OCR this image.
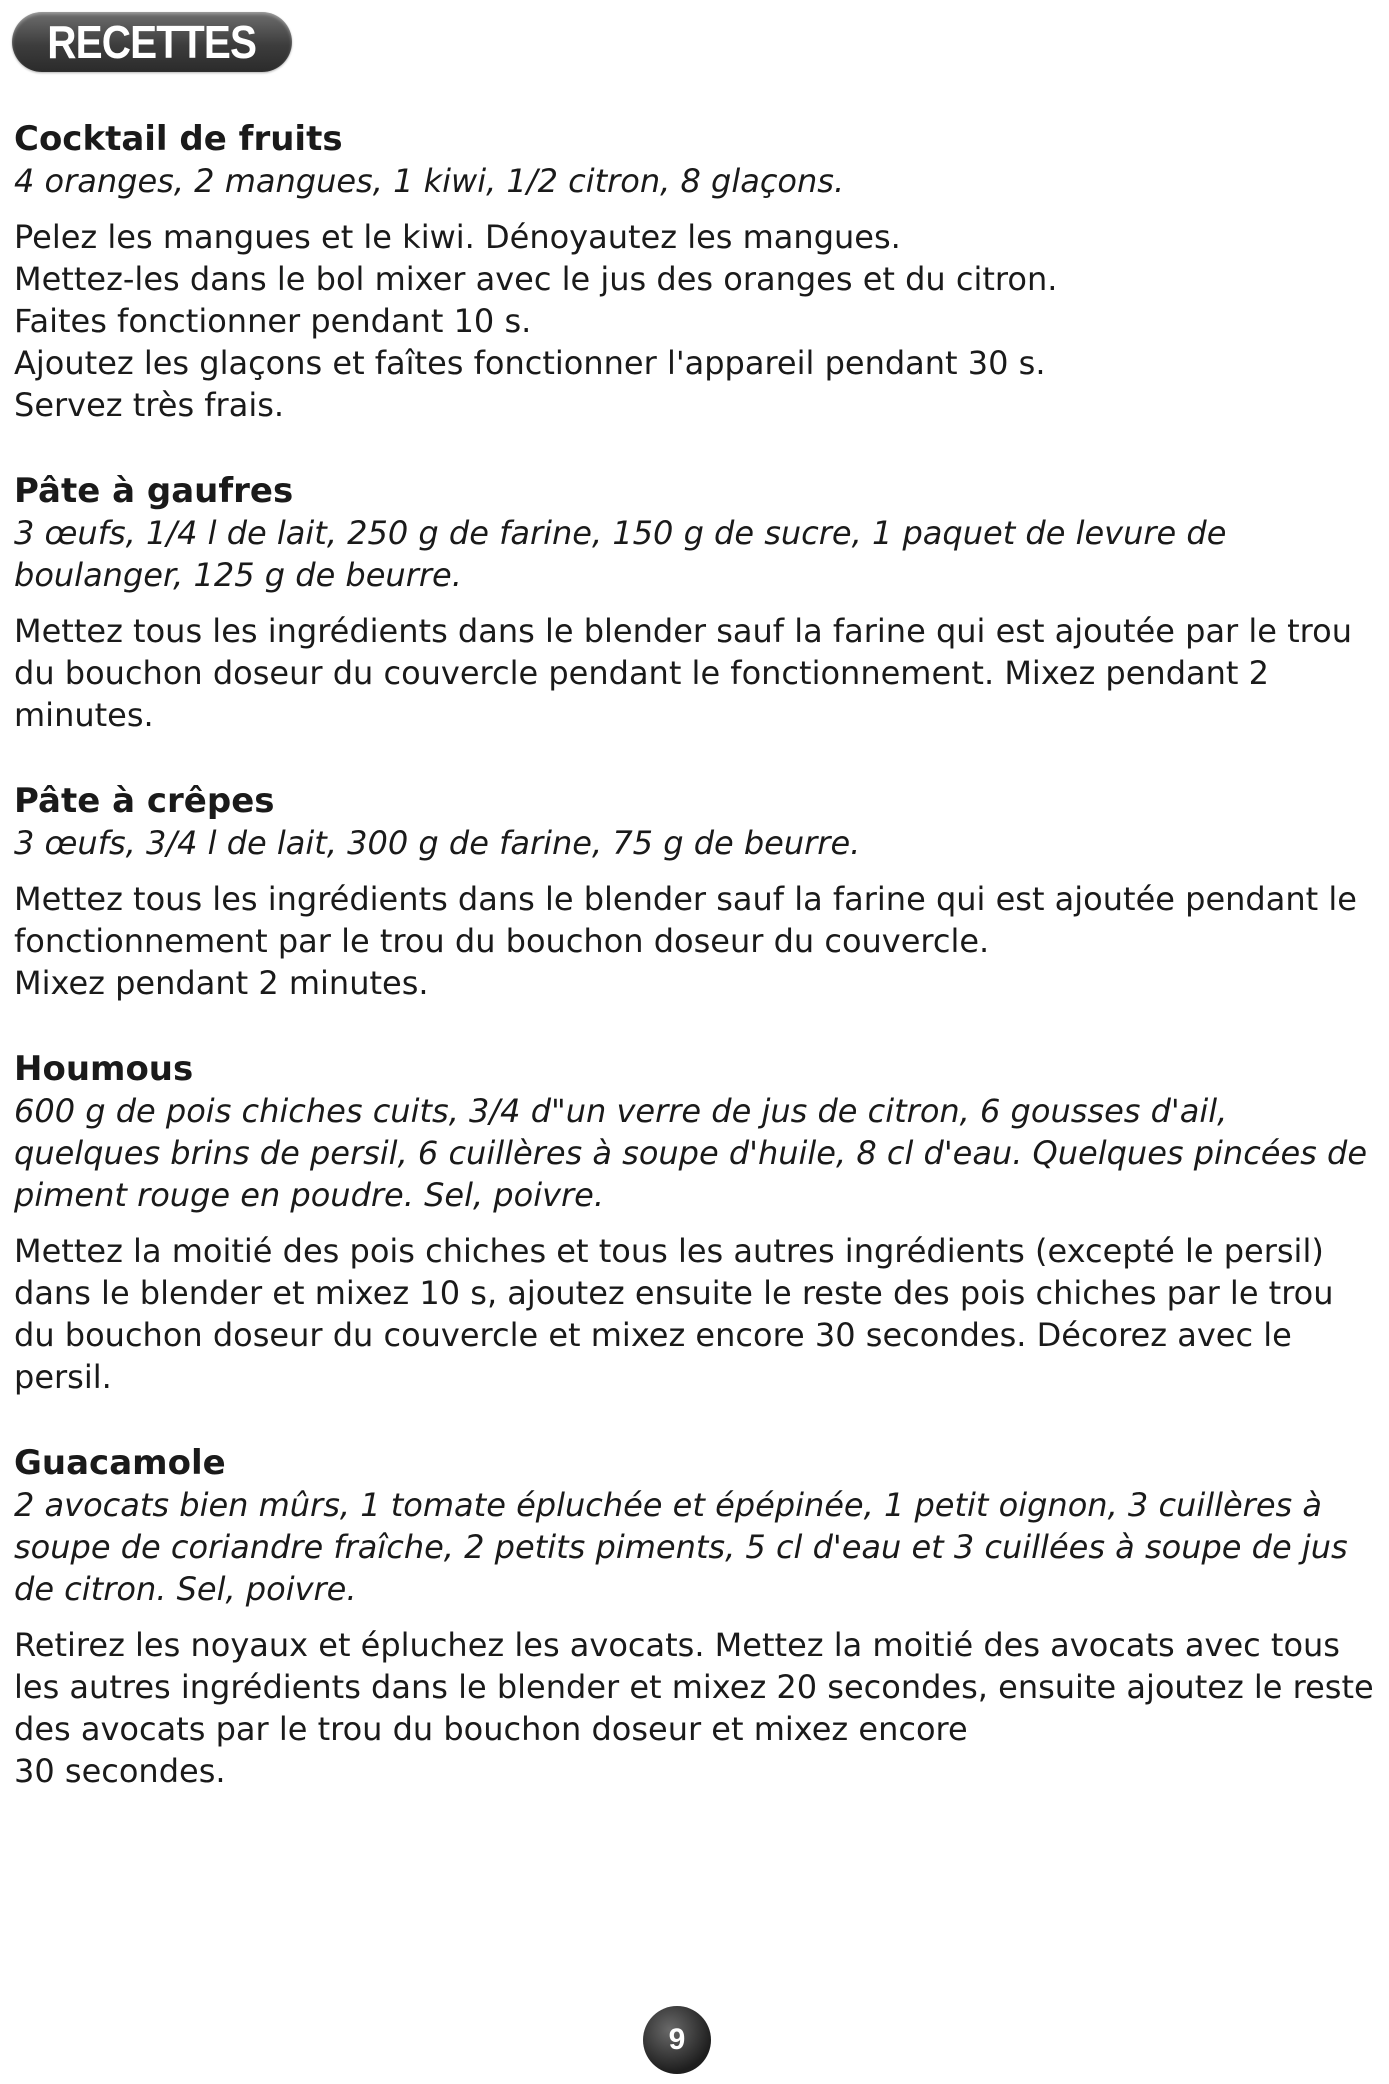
RECETTES
Cocktail de fruits

4 oranges, 2 mangues, 1 kiwi, 1/2 citron, 8 glaçons.

Pelez les mangues et le kiwi. Dénoyautez les mangues.

Mettez-les dans le bol mixer avec le jus des oranges et du citron.

Faites fonctionner pendant 10 s.

Ajoutez les glaçons et faîtes fonctionner l'appareil pendant 30 s.

Servez très frais.

Pâte à gaufres

3 œufs, 1/4 l de lait, 250 g de farine, 150 g de sucre, 1 paquet de levure de boulanger, 125 g de beurre.

Mettez tous les ingrédients dans le blender sauf la farine qui est ajoutée par le trou du bouchon doseur du couvercle pendant le fonctionnement. Mixez pendant 2 minutes.

Pâte à crêpes

3 œufs, 3/4 l de lait, 300 g de farine, 75 g de beurre.

Mettez tous les ingrédients dans le blender sauf la farine qui est ajoutée pendant le fonctionnement par le trou du bouchon doseur du couvercle.

Mixez pendant 2 minutes.

Houmous

600 g de pois chiches cuits, 3/4 d"un verre de jus de citron, 6 gousses d'ail, quelques brins de persil, 6 cuillères à soupe d'huile, 8 cl d'eau. Quelques pincées de piment rouge en poudre. Sel, poivre.

Mettez la moitié des pois chiches et tous les autres ingrédients (excepté le persil) dans le blender et mixez 10 s, ajoutez ensuite le reste des pois chiches par le trou du bouchon doseur du couvercle et mixez encore 30 secondes. Décorez avec le persil.

Guacamole

2 avocats bien mûrs, 1 tomate épluchée et épépinée, 1 petit oignon, 3 cuillères à soupe de coriandre fraîche, 2 petits piments, 5 cl d'eau et 3 cuillées à soupe de jus de citron. Sel, poivre.

Retirez les noyaux et épluchez les avocats. Mettez la moitié des avocats avec tous les autres ingrédients dans le blender et mixez 20 secondes, ensuite ajoutez le reste des avocats par le trou du bouchon doseur et mixez encore

30 secondes.

9
